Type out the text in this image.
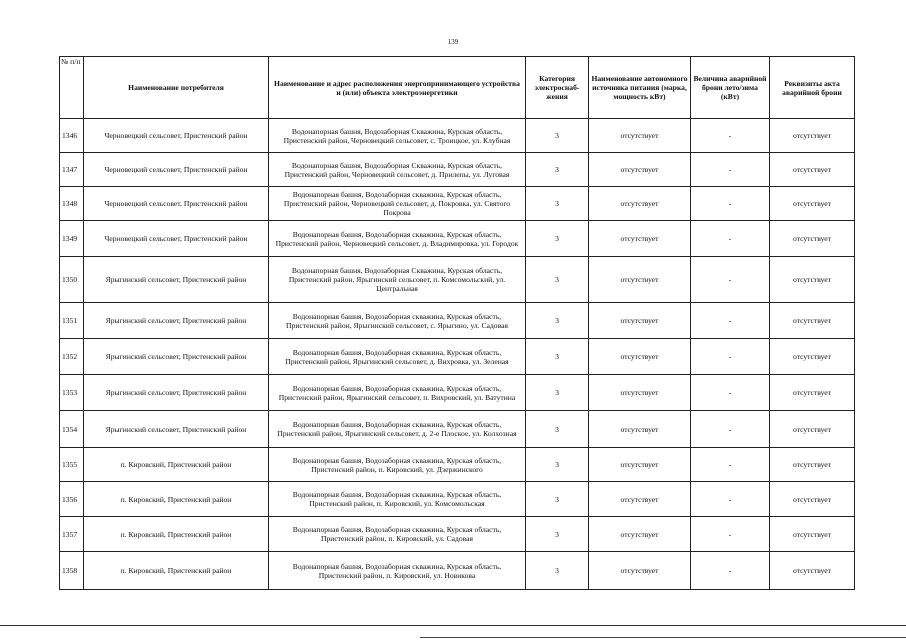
139
№ п/п	Наименование потребителя	Наименование и адрес расположения энергопринимающего устройства и (или) объекта электроэнергетики	Категория электроснаб-жения	Наименование автономного источника питания (марка, мощность кВт)	Величина аварийной брони лето/зима (кВт)	Реквизиты акта аварийной брони
1346	Черновецкий сельсовет, Пристенский район	Водонапорная башня, Водозаборная Скважина, Курская область, Пристенский район, Черновецкий сельсовет, с. Троицкое, ул. Клубная	3	отсутствует	-	отсутствует
1347	Черновецкий сельсовет, Пристенский район	Водонапорная башня, Водозаборная Скважина, Курская область, Пристенский район, Черновецкий сельсовет, д. Прилепы, ул. Луговая	3	отсутствует	-	отсутствует
1348	Черновецкий сельсовет, Пристенский район	Водонапорная башня, Водозаборная скважина, Курская область, Пристенский район, Черновецкий сельсовет, д. Покровка, ул. Святого Покрова	3	отсутствует	-	отсутствует
1349	Черновецкий сельсовет, Пристенский район	Водонапорная башня, Водозаборная скважина, Курская область, Пристенский район, Черновецкий сельсовет, д. Владимировка, ул. Городок	3	отсутствует	-	отсутствует
1350	Ярыгинский сельсовет, Пристенский район	Водонапорная башня, Водозаборная Скважина, Курская область, Пристенский район, Ярыгинский сельсовет, п. Комсомольский, ул. Центральная	3	отсутствует	-	отсутствует
1351	Ярыгинский сельсовет, Пристенский район	Водонапорная башня, Водозаборная скважина, Курская область, Пристенский район, Ярыгинский сельсовет, с. Ярыгино, ул. Садовая	3	отсутствует	-	отсутствует
1352	Ярыгинский сельсовет, Пристенский район	Водонапорная башня, Водозаборная скважина, Курская область, Пристенский район, Ярыгинский сельсовет, д. Вихровка, ул. Зеленая	3	отсутствует	-	отсутствует
1353	Ярыгинский сельсовет, Пристенский район	Водонапорная башня, Водозаборная скважина, Курская область, Пристенский район, Ярыгинский сельсовет, п. Вихровский, ул. Ватутина	3	отсутствует	-	отсутствует
1354	Ярыгинский сельсовет, Пристенский район	Водонапорная башня, Водозаборная скважина, Курская область, Пристенский район, Ярыгинский сельсовет, д. 2-е Плоское, ул. Колхозная	3	отсутствует	-	отсутствует
1355	п. Кировский, Пристенский район	Водонапорная башня, Водозаборная скважина, Курская область, Пристенский район, п. Кировский, ул. Дзержинского	3	отсутствует	-	отсутствует
1356	п. Кировский, Пристенский район	Водонапорная башня, Водозаборная скважина, Курская область, Пристенский район, п. Кировский, ул. Комсомольская	3	отсутствует	-	отсутствует
1357	п. Кировский, Пристенский район	Водонапорная башня, Водозаборная скважина, Курская область, Пристенский район, п. Кировский, ул. Садовая	3	отсутствует	-	отсутствует
1358	п. Кировский, Пристенский район	Водонапорная башня, Водозаборная скважина, Курская область, Пристенский район, п. Кировский, ул. Новикова	3	отсутствует	-	отсутствует
